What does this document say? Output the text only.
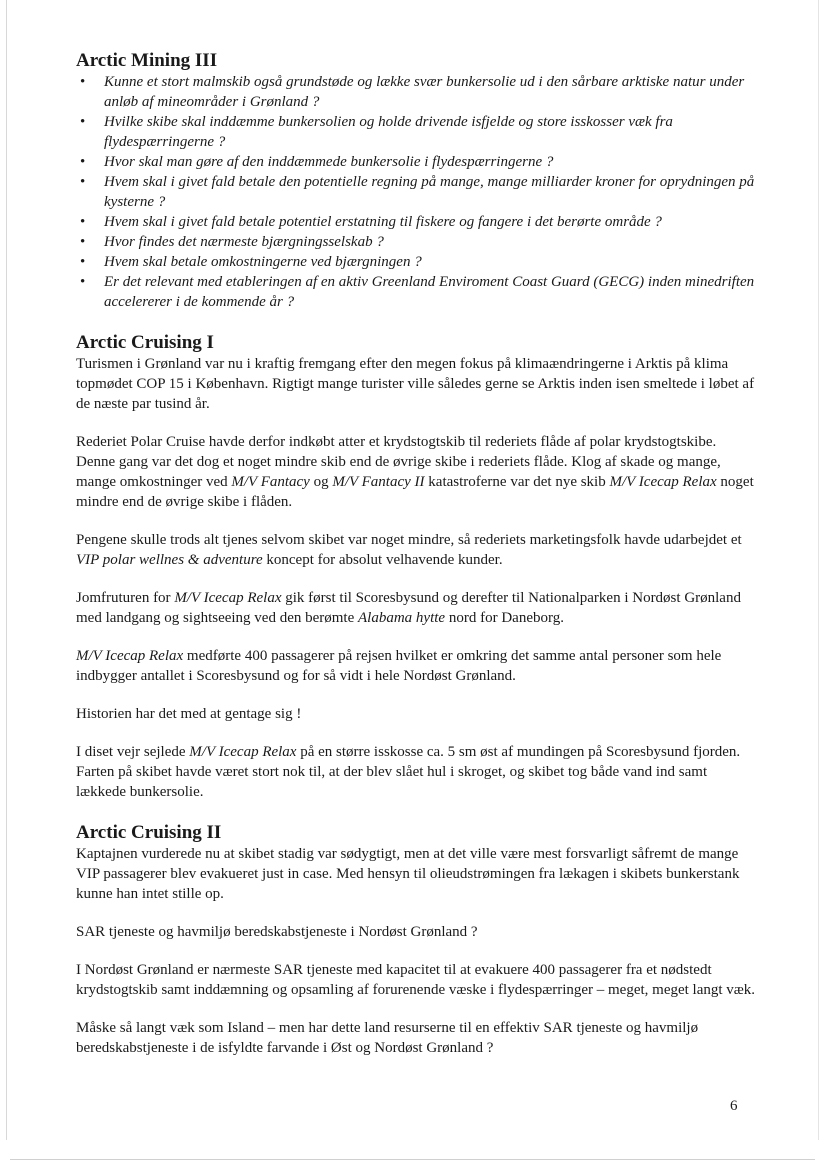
Arctic Mining III
• Kunne et stort malmskib også grundstøde og lække svær bunkersolie ud i den sårbare arktiske natur under anløb af mineområder i Grønland ?
• Hvilke skibe skal inddæmme bunkersolien og holde drivende isfjelde og store isskosser væk fra flydespærringerne ?
• Hvor skal man gøre af den inddæmmede bunkersolie i flydespærringerne ?
• Hvem skal i givet fald betale den potentielle regning på mange, mange milliarder kroner for oprydningen på kysterne ?
• Hvem skal i givet fald betale potentiel erstatning til fiskere og fangere i det berørte område ?
• Hvor findes det nærmeste bjærgningsselskab ?
• Hvem skal betale omkostningerne ved bjærgningen ?
• Er det relevant med etableringen af en aktiv Greenland Enviroment Coast Guard (GECG) inden minedriften accelererer i de kommende år ?
Arctic Cruising I

Turismen i Grønland var nu i kraftig fremgang efter den megen fokus på klimaændringerne i Arktis på klima topmødet COP 15 i København. Rigtigt mange turister ville således gerne se Arktis inden isen smeltede i løbet af de næste par tusind år.

Rederiet Polar Cruise havde derfor indkøbt atter et krydstogtskib til rederiets flåde af polar krydstogtskibe. Denne gang var det dog et noget mindre skib end de øvrige skibe i rederiets flåde. Klog af skade og mange, mange omkostninger ved M/V Fantacy og M/V Fantacy II katastroferne var det nye skib M/V Icecap Relax noget mindre end de øvrige skibe i flåden.

Pengene skulle trods alt tjenes selvom skibet var noget mindre, så rederiets marketingsfolk havde udarbejdet et VIP polar wellnes & adventure koncept for absolut velhavende kunder.

Jomfruturen for M/V Icecap Relax gik først til Scoresbysund og derefter til Nationalparken i Nordøst Grønland med landgang og sightseeing ved den berømte Alabama hytte nord for Daneborg.

M/V Icecap Relax medførte 400 passagerer på rejsen hvilket er omkring det samme antal personer som hele indbygger antallet i Scoresbysund og for så vidt i hele Nordøst Grønland.

Historien har det med at gentage sig !

I diset vejr sejlede M/V Icecap Relax på en større isskosse ca. 5 sm øst af mundingen på Scoresbysund fjorden. Farten på skibet havde været stort nok til, at der blev slået hul i skroget, og skibet tog både vand ind samt lækkede bunkersolie.

Arctic Cruising II

Kaptajnen vurderede nu at skibet stadig var sødygtigt, men at det ville være mest forsvarligt såfremt de mange VIP passagerer blev evakueret just in case. Med hensyn til olieudstrømingen fra lækagen i skibets bunkerstank kunne han intet stille op.

SAR tjeneste og havmiljø beredskabstjeneste i Nordøst Grønland ?

I Nordøst Grønland er nærmeste SAR tjeneste med kapacitet til at evakuere 400 passagerer fra et nødstedt krydstogtskib samt inddæmning og opsamling af forurenende væske i flydespærringer – meget, meget langt væk.

Måske så langt væk som Island – men har dette land resurserne til en effektiv SAR tjeneste og havmiljø beredskabstjeneste i de isfyldte farvande i Øst og Nordøst Grønland ?

6
